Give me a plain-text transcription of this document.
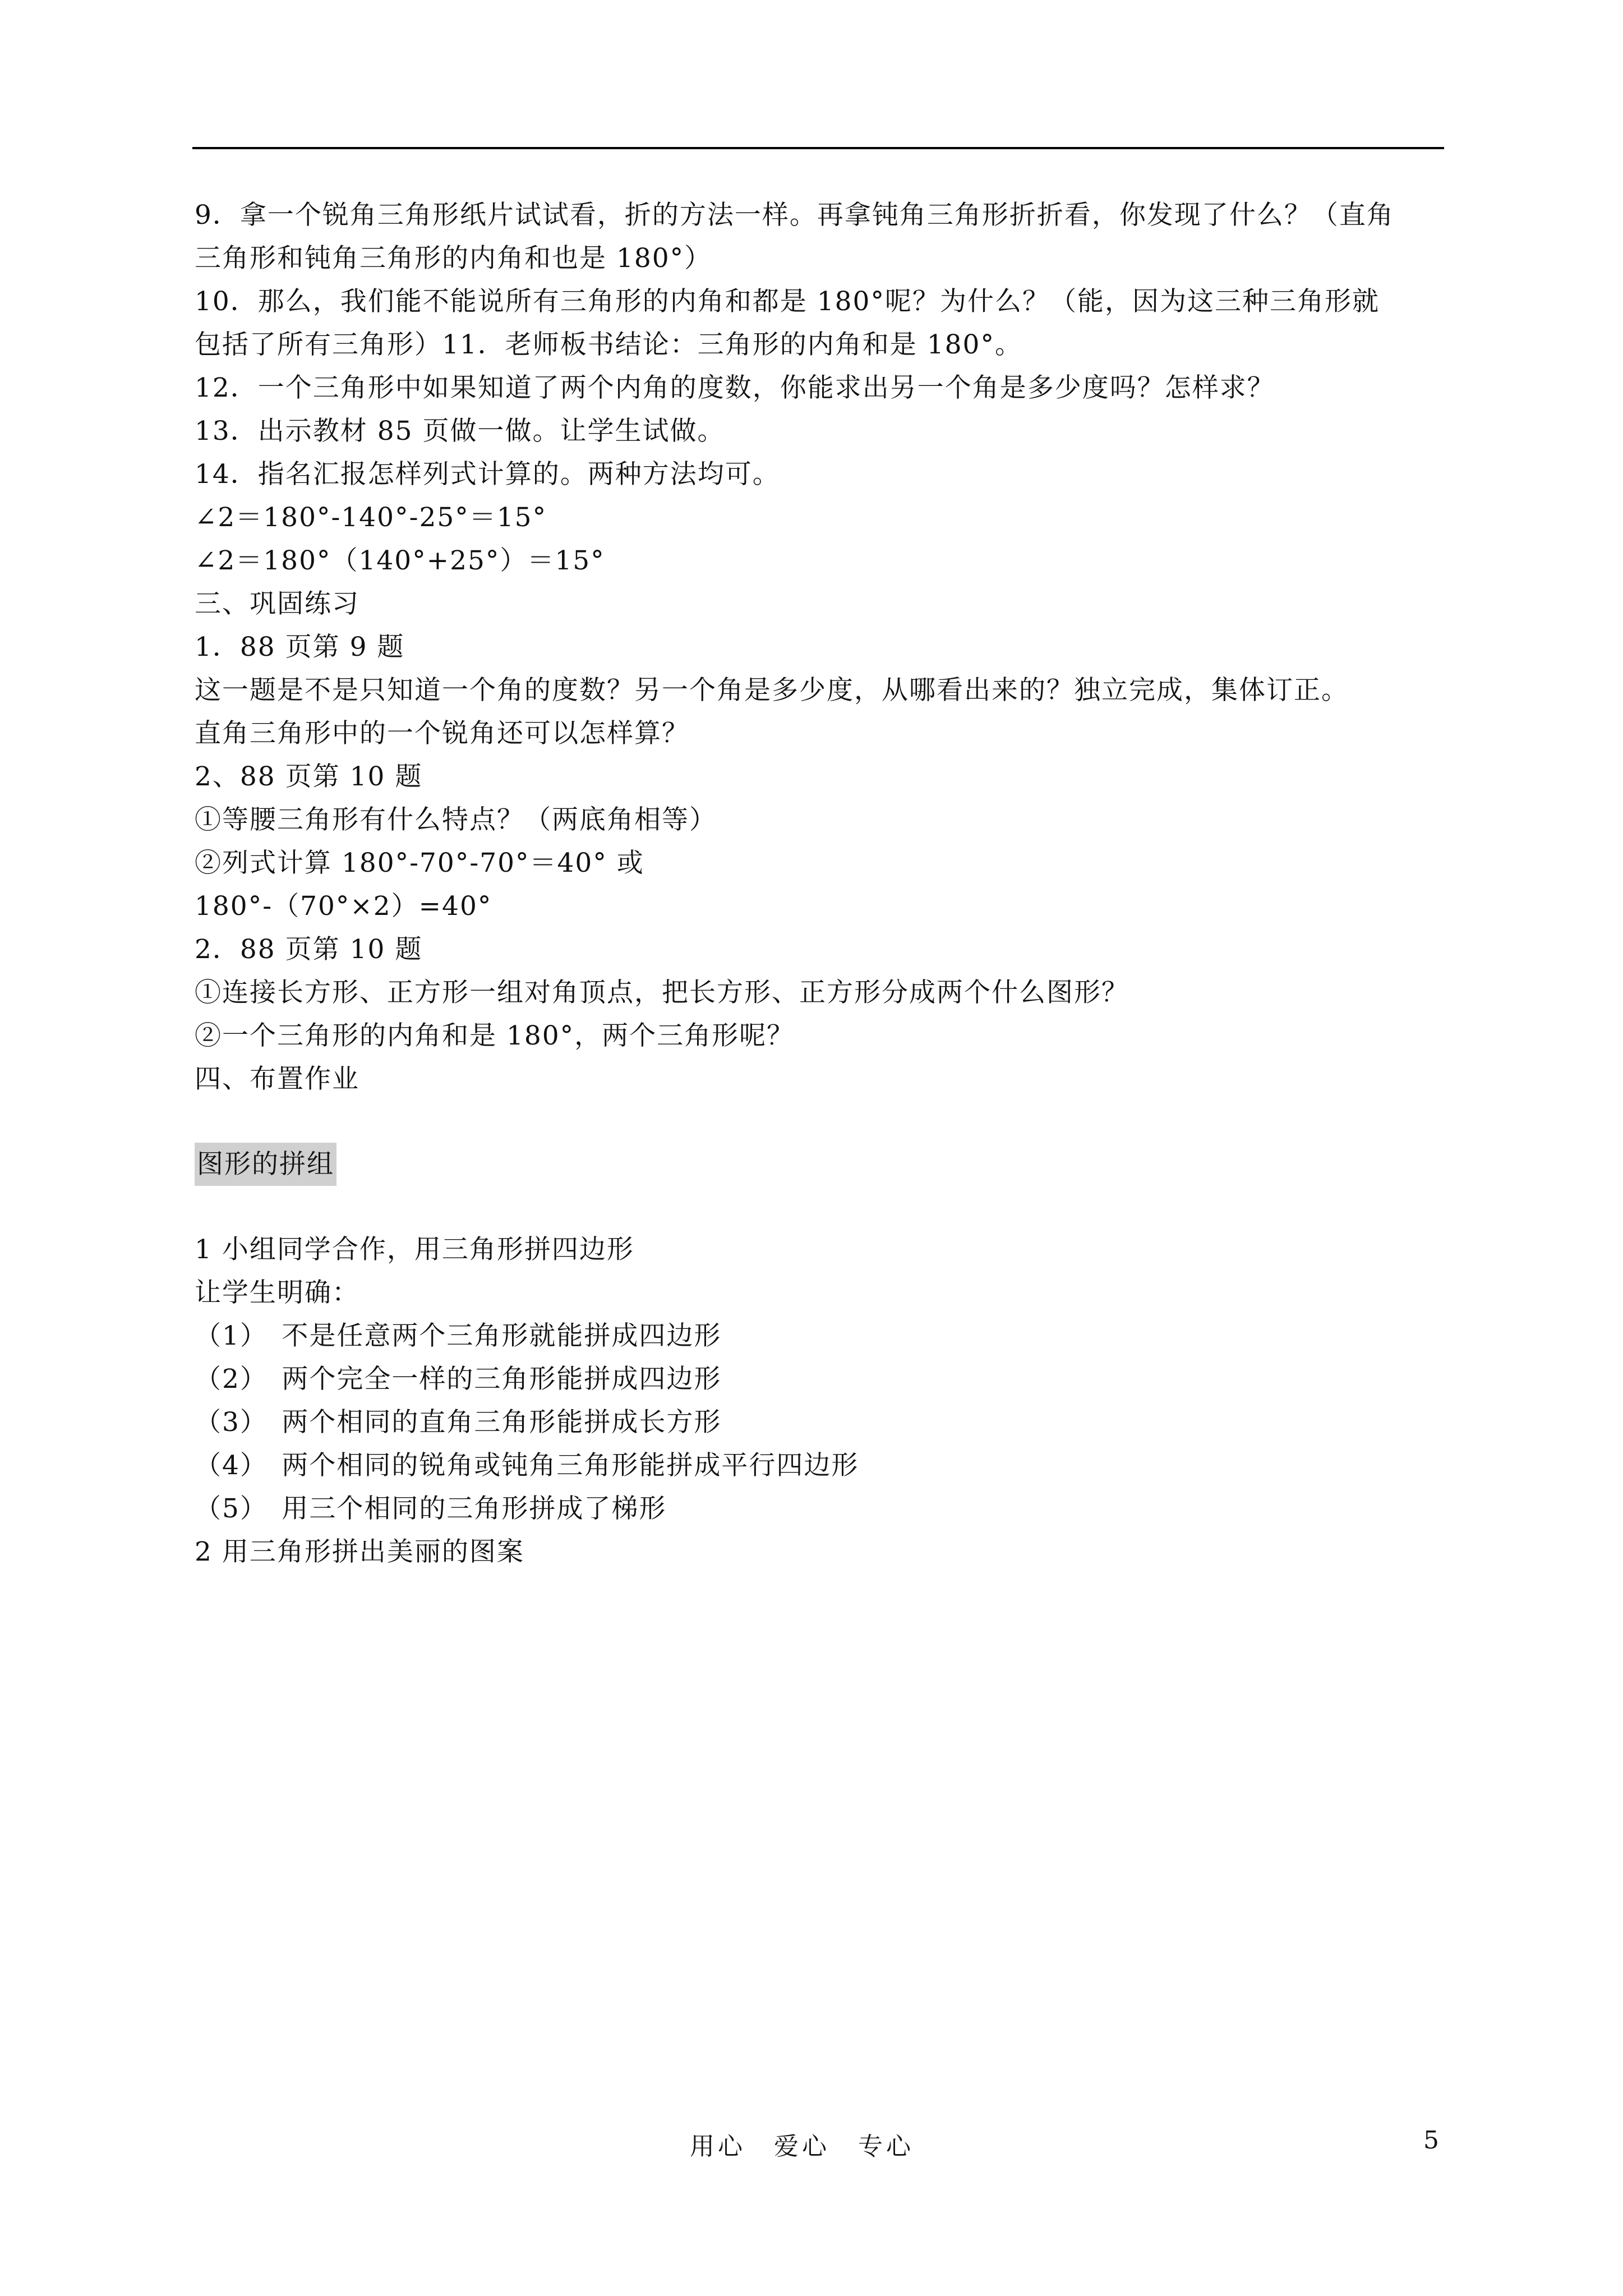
9．拿一个锐角三角形纸片试试看，折的方法一样。再拿钝角三角形折折看，你发现了什么？（直角
三角形和钝角三角形的内角和也是 180°）
10．那么，我们能不能说所有三角形的内角和都是 180°呢？为什么？（能，因为这三种三角形就
包括了所有三角形）11．老师板书结论：三角形的内角和是 180°。
12．一个三角形中如果知道了两个内角的度数，你能求出另一个角是多少度吗？怎样求？
13．出示教材 85 页做一做。让学生试做。
14．指名汇报怎样列式计算的。两种方法均可。
∠2＝180°-140°-25°＝15°
∠2＝180°（140°+25°）＝15°
三、巩固练习
1．88 页第 9 题
这一题是不是只知道一个角的度数？另一个角是多少度，从哪看出来的？独立完成，集体订正。
直角三角形中的一个锐角还可以怎样算？
2、88 页第 10 题
①等腰三角形有什么特点？（两底角相等）
②列式计算 180°-70°-70°＝40° 或
180°-（70°×2）=40°
2．88 页第 10 题
①连接长方形、正方形一组对角顶点，把长方形、正方形分成两个什么图形？
②一个三角形的内角和是 180°，两个三角形呢？
四、布置作业
图形的拼组
1 小组同学合作，用三角形拼四边形
让学生明确：
（1）　不是任意两个三角形就能拼成四边形
（2）　两个完全一样的三角形能拼成四边形
（3）　两个相同的直角三角形能拼成长方形
（4）　两个相同的锐角或钝角三角形能拼成平行四边形
（5）　用三个相同的三角形拼成了梯形
2 用三角形拼出美丽的图案
用心　爱心　专心	5
